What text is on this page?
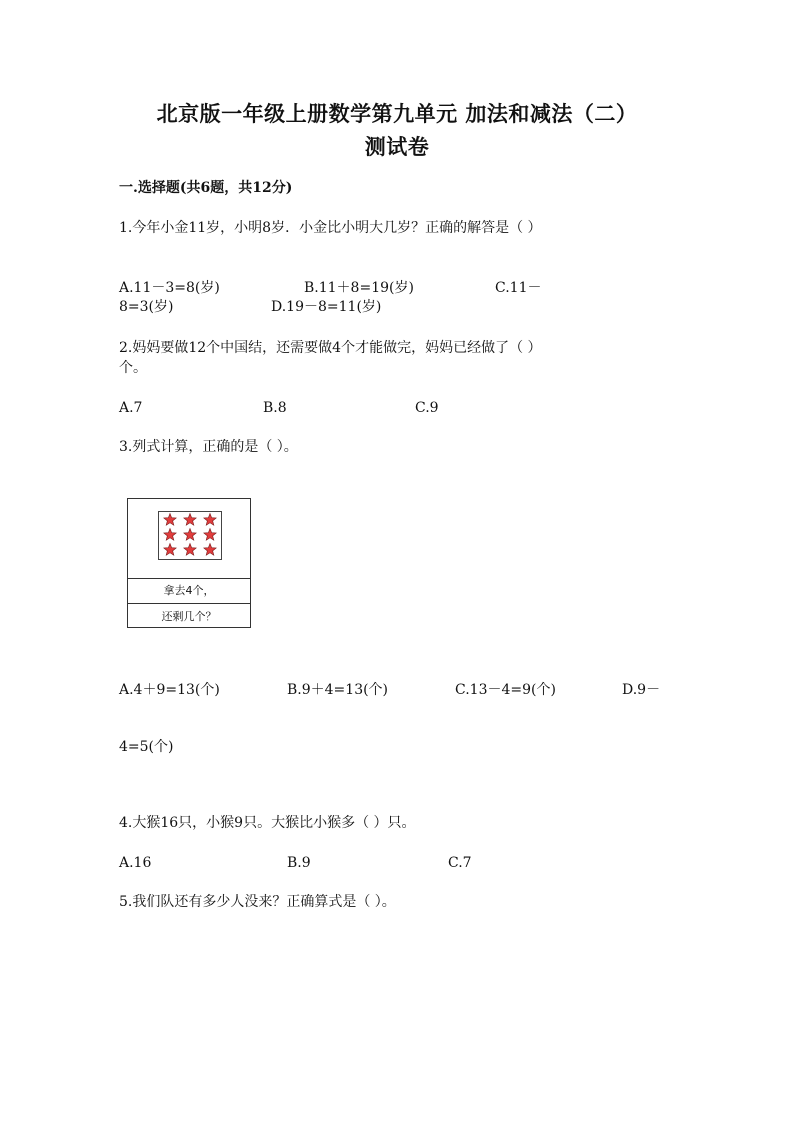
北京版一年级上册数学第九单元 加法和减法（二）
测试卷
一.选择题(共6题，共12分)
1.今年小金11岁，小明8岁．小金比小明大几岁？正确的解答是（ ）
A.11－3=8(岁)	B.11＋8=19(岁)	C.11－
8=3(岁)	D.19－8=11(岁)
2.妈妈要做12个中国结，还需要做4个才能做完，妈妈已经做了（ ）
个。
A.7	B.8	C.9
3.列式计算，正确的是（ ）。
拿去4个，
还剩几个？
A.4＋9=13(个)	B.9＋4=13(个)	C.13－4=9(个)	D.9－
4=5(个)
4.大猴16只，小猴9只。大猴比小猴多（ ）只。
A.16	B.9	C.7
5.我们队还有多少人没来？正确算式是（ ）。
